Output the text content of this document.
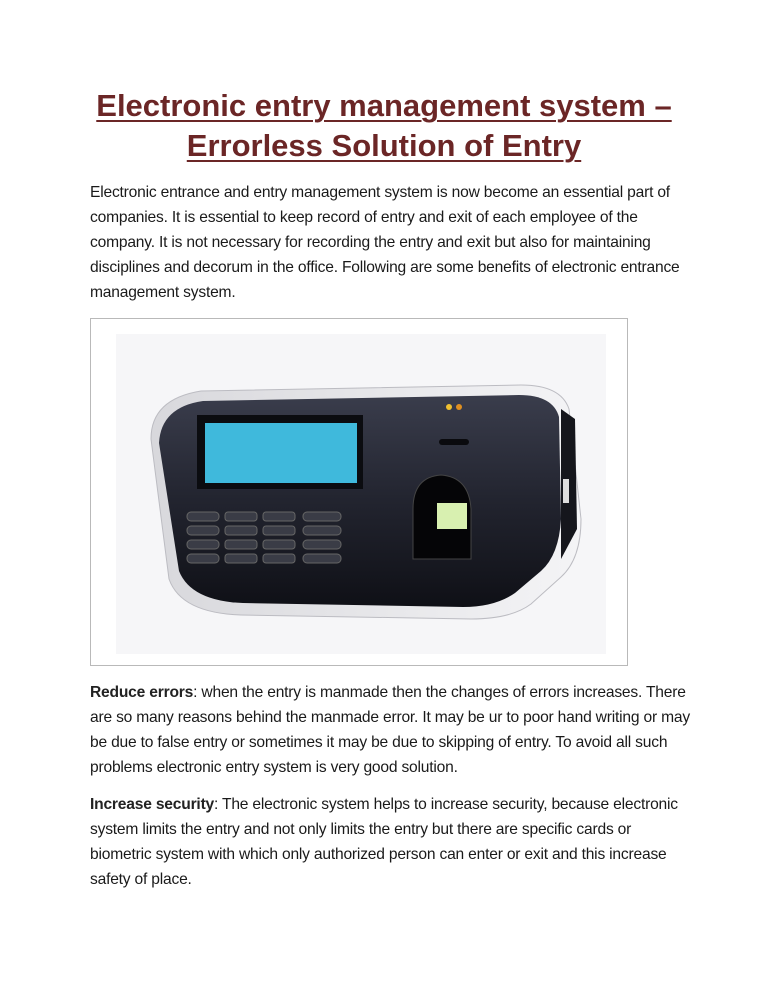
Electronic entry management system –
Errorless Solution of Entry
Electronic entrance and entry management system is now become an essential part of companies. It is essential to keep record of entry and exit of each employee of the company. It is not necessary for recording the entry and exit but also for maintaining disciplines and decorum in the office. Following are some benefits of electronic entrance management system.
Reduce errors: when the entry is manmade then the changes of errors increases. There are so many reasons behind the manmade error. It may be ur to poor hand writing or may be due to false entry or sometimes it may be due to skipping of entry. To avoid all such problems electronic entry system is very good solution.
Increase security: The electronic system helps to increase security, because electronic system limits the entry and not only limits the entry but there are specific cards or biometric system with which only authorized person can enter or exit and this increase safety of place.
